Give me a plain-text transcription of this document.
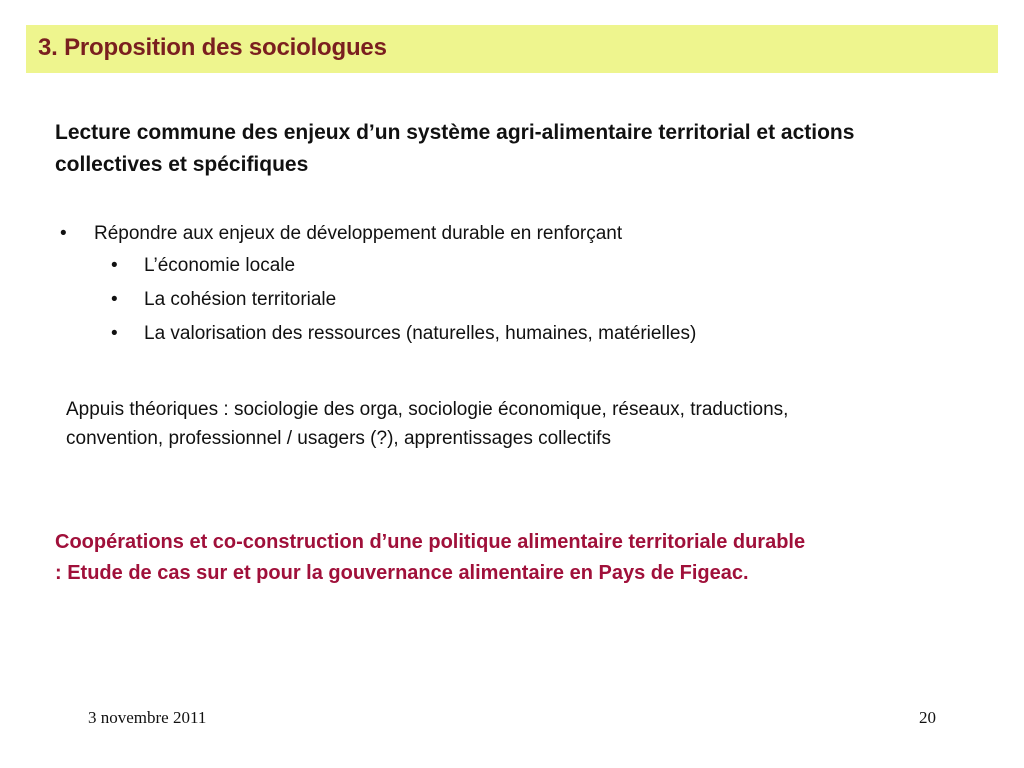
3. Proposition des sociologues
Lecture commune des enjeux d’un système agri-alimentaire territorial et actions collectives et spécifiques
• Répondre aux enjeux de développement durable en renforçant
• L’économie locale
• La cohésion territoriale
• La valorisation des ressources (naturelles, humaines, matérielles)
Appuis théoriques : sociologie des orga, sociologie économique, réseaux, traductions, convention, professionnel / usagers (?), apprentissages collectifs
Coopérations et co-construction d’une politique alimentaire territoriale durable : Etude de cas sur et pour la gouvernance alimentaire en Pays de Figeac.
3 novembre 2011	20
